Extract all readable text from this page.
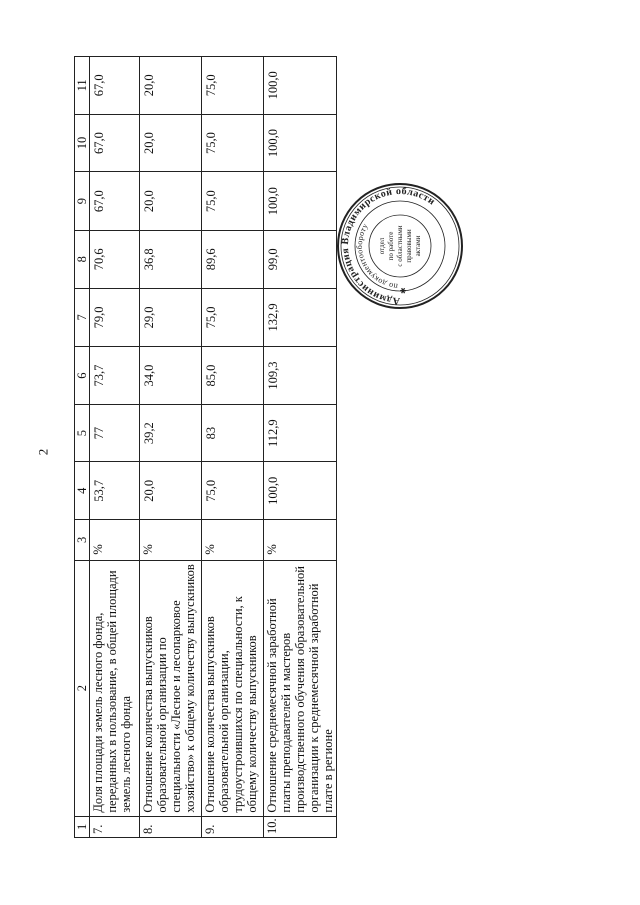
2
1	2	3	4	5	6	7	8	9	10	11
7.	Доля площади земель лесного фонда, переданных в пользование, в общей площади земель лесного фонда	%	53,7	77	73,7	79,0	70,6	67,0	67,0	67,0
8.	Отношение количества выпускников образовательной организации по специальности «Лесное и лесопарковое хозяйство» к общему количеству выпускников	%	20,0	39,2	34,0	29,0	36,8	20,0	20,0	20,0
9.	Отношение количества выпускников образовательной организации, трудоустроившихся по специальности, к общему количеству выпускников	%	75,0	83	85,0	75,0	89,6	75,0	75,0	75,0
10.	Отношение среднемесячной заработной платы преподавателей и мастеров производственного обучения образовательной организации к среднемесячной заработной плате в регионе	%	100,0	112,9	109,3	132,9	99,0	100,0	100,0	100,0
Администрация Владимирской области
по документообороту
отдел по работе с областными правовыми актами
✱
